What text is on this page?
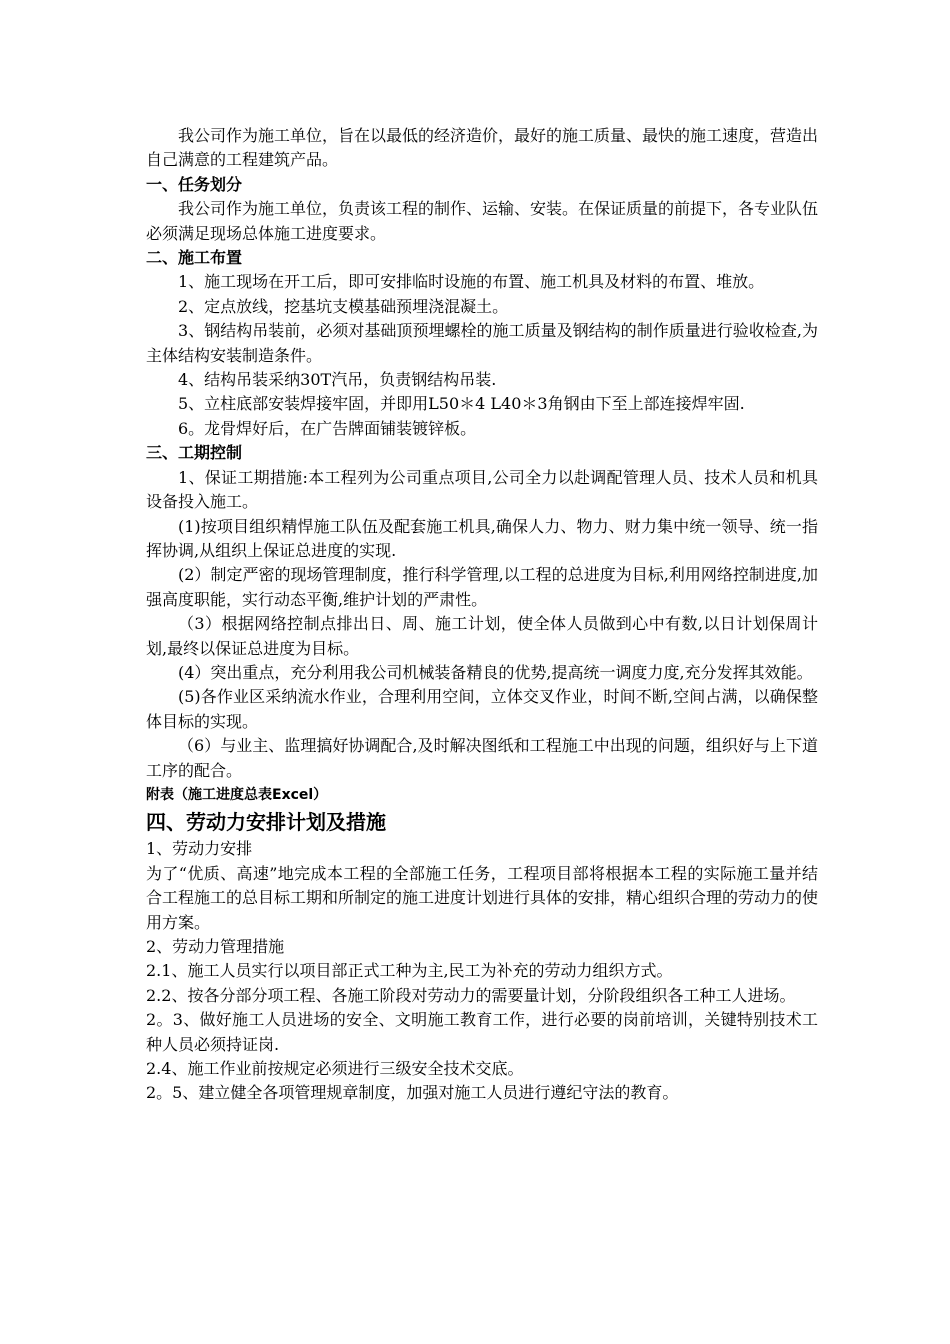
我公司作为施工单位，旨在以最低的经济造价，最好的施工质量、最快的施工速度，营造出自己满意的工程建筑产品。

一、任务划分

我公司作为施工单位，负责该工程的制作、运输、安装。在保证质量的前提下，各专业队伍必须满足现场总体施工进度要求。

二、施工布置

1、施工现场在开工后，即可安排临时设施的布置、施工机具及材料的布置、堆放。

2、定点放线，挖基坑支模基础预埋浇混凝土。

3、钢结构吊装前，必须对基础顶预埋螺栓的施工质量及钢结构的制作质量进行验收检查,为主体结构安装制造条件。

4、结构吊装采纳30T汽吊，负责钢结构吊装.

5、立柱底部安装焊接牢固，并即用L50＊4 L40＊3角钢由下至上部连接焊牢固.

6。龙骨焊好后，在广告牌面铺装镀锌板。

三、工期控制

1、保证工期措施:本工程列为公司重点项目,公司全力以赴调配管理人员、技术人员和机具设备投入施工。

(1)按项目组织精悍施工队伍及配套施工机具,确保人力、物力、财力集中统一领导、统一指挥协调,从组织上保证总进度的实现.

(2）制定严密的现场管理制度，推行科学管理,以工程的总进度为目标,利用网络控制进度,加强高度职能，实行动态平衡,维护计划的严肃性。

（3）根据网络控制点排出日、周、施工计划，使全体人员做到心中有数,以日计划保周计划,最终以保证总进度为目标。

(4）突出重点，充分利用我公司机械装备精良的优势,提高统一调度力度,充分发挥其效能。

(5)各作业区采纳流水作业，合理利用空间，立体交叉作业，时间不断,空间占满，以确保整体目标的实现。

（6）与业主、监理搞好协调配合,及时解决图纸和工程施工中出现的问题，组织好与上下道工序的配合。

附表（施工进度总表Excel）

四、劳动力安排计划及措施

1、劳动力安排

为了“优质、高速”地完成本工程的全部施工任务，工程项目部将根据本工程的实际施工量并结合工程施工的总目标工期和所制定的施工进度计划进行具体的安排，精心组织合理的劳动力的使用方案。

2、劳动力管理措施

2.1、施工人员实行以项目部正式工种为主,民工为补充的劳动力组织方式。

2.2、按各分部分项工程、各施工阶段对劳动力的需要量计划，分阶段组织各工种工人进场。

2。3、做好施工人员进场的安全、文明施工教育工作，进行必要的岗前培训，关键特别技术工种人员必须持证岗.

2.4、施工作业前按规定必须进行三级安全技术交底。

2。5、建立健全各项管理规章制度，加强对施工人员进行遵纪守法的教育。
